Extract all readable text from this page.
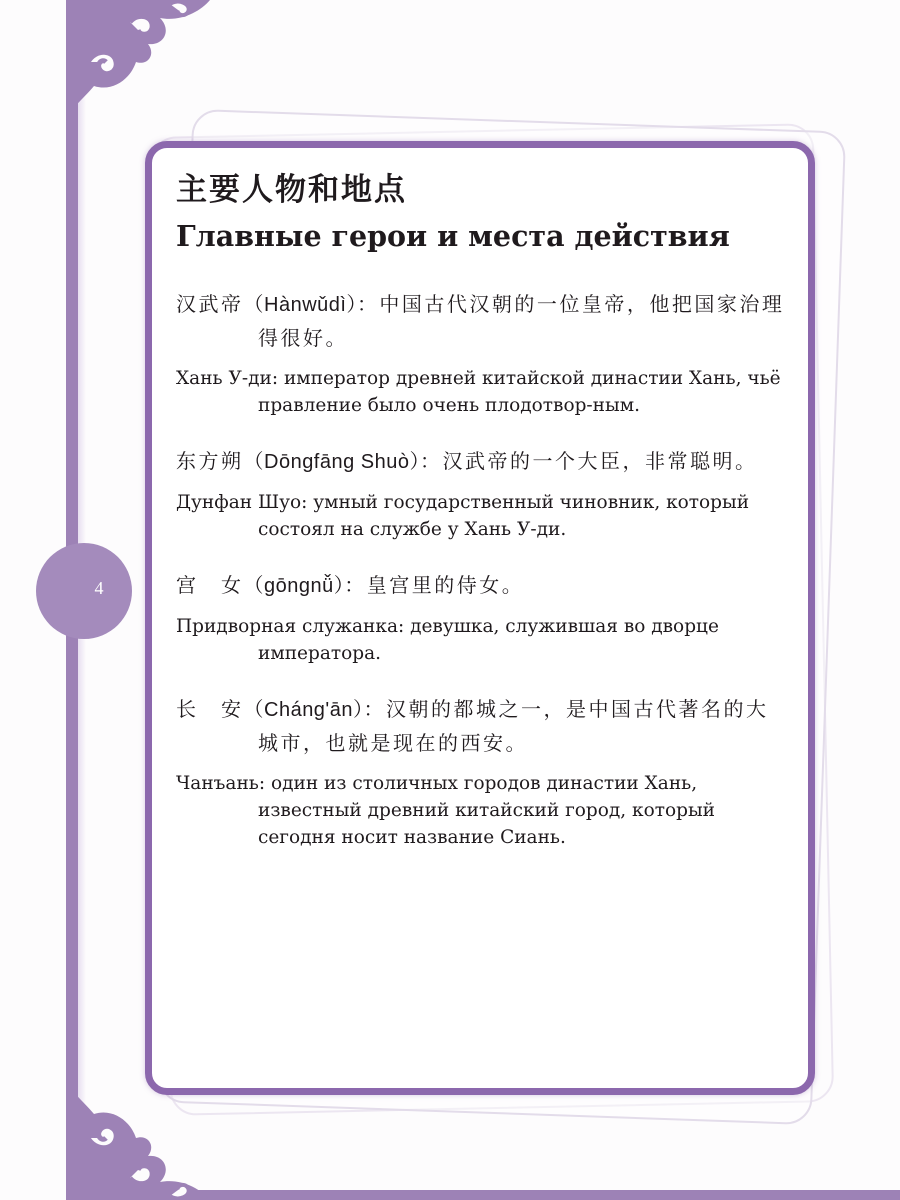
4
主要人物和地点
Главные герои и места действия

汉武帝（Hànwǔdì）：中国古代汉朝的一位皇帝，他把国家治理得很好。

Хань У-ди: император древней китайской династии Хань, чьё правление было очень плодотвор-ным.

东方朔（Dōngfāng Shuò）：汉武帝的一个大臣，非常聪明。

Дунфан Шуо: умный государственный чиновник, который состоял на службе у Хань У-ди.

宫　女（gōngnǚ）：皇宫里的侍女。

Придворная служанка: девушка, служившая во дворце императора.

长　安（Cháng'ān）：汉朝的都城之一，是中国古代著名的大城市，也就是现在的西安。

Чанъань: один из столичных городов династии Хань, известный древний китайский город, который сегодня носит название Сиань.
